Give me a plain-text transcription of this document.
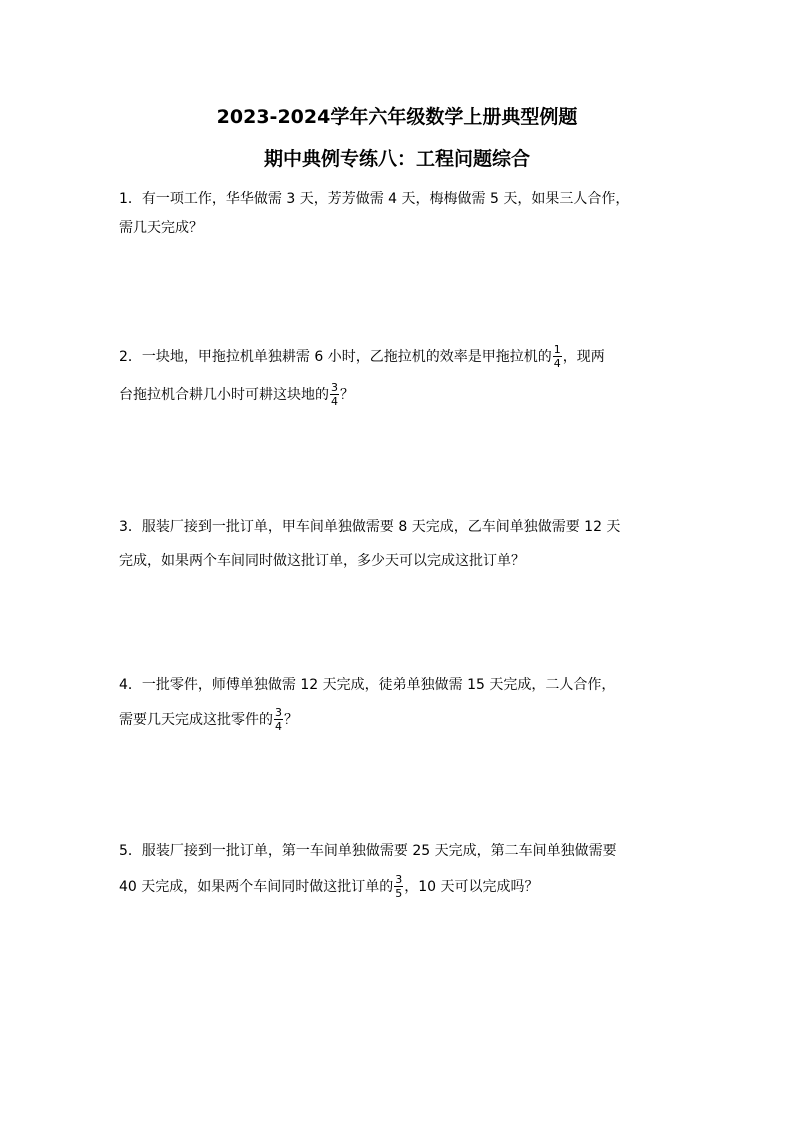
2023-2024学年六年级数学上册典型例题
期中典例专练八：工程问题综合
1．有一项工作，华华做需 3 天，芳芳做需 4 天，梅梅做需 5 天，如果三人合作，
需几天完成？
2．一块地，甲拖拉机单独耕需 6 小时，乙拖拉机的效率是甲拖拉机的 $\frac{1}{4}$ ，现两
台拖拉机合耕几小时可耕这块地的 $\frac{3}{4}$ ？
3．服装厂接到一批订单，甲车间单独做需要 8 天完成，乙车间单独做需要 12 天
完成，如果两个车间同时做这批订单，多少天可以完成这批订单？
4．一批零件，师傅单独做需 12 天完成，徒弟单独做需 15 天完成，二人合作，
需要几天完成这批零件的 $\frac{3}{4}$ ？
5．服装厂接到一批订单，第一车间单独做需要 25 天完成，第二车间单独做需要
40 天完成，如果两个车间同时做这批订单的 $\frac{3}{5}$ ，10 天可以完成吗？
